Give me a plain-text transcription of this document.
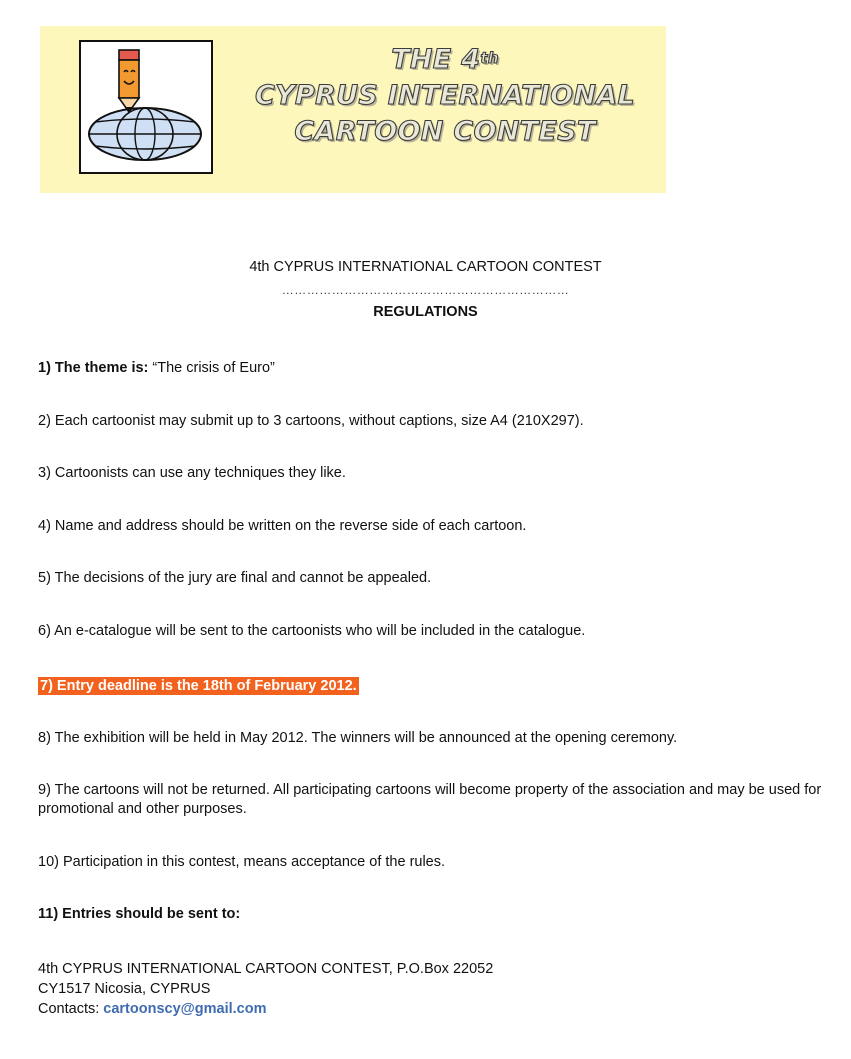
THE 4th
CYPRUS INTERNATIONAL
CARTOON CONTEST
4th CYPRUS INTERNATIONAL CARTOON CONTEST
……………………………………………………………
REGULATIONS
1) The theme is: “The crisis of Euro”
2) Each cartoonist may submit up to 3 cartoons, without captions, size A4 (210X297).
3) Cartoonists can use any techniques they like.
4) Name and address should be written on the reverse side of each cartoon.
5) The decisions of the jury are final and cannot be appealed.
6) An e-catalogue will be sent to the cartoonists who will be included in the catalogue.
7) Entry deadline is the 18th of February 2012.
8) The exhibition will be held in May 2012. The winners will be announced at the opening ceremony.
9) The cartoons will not be returned. All participating cartoons will become property of the association and may be used for promotional and other purposes.
10) Participation in this contest, means acceptance of the rules.
11) Entries should be sent to:
4th CYPRUS INTERNATIONAL CARTOON CONTEST, P.O.Box 22052
CY1517 Nicosia, CYPRUS
Contacts: cartoonscy@gmail.com
